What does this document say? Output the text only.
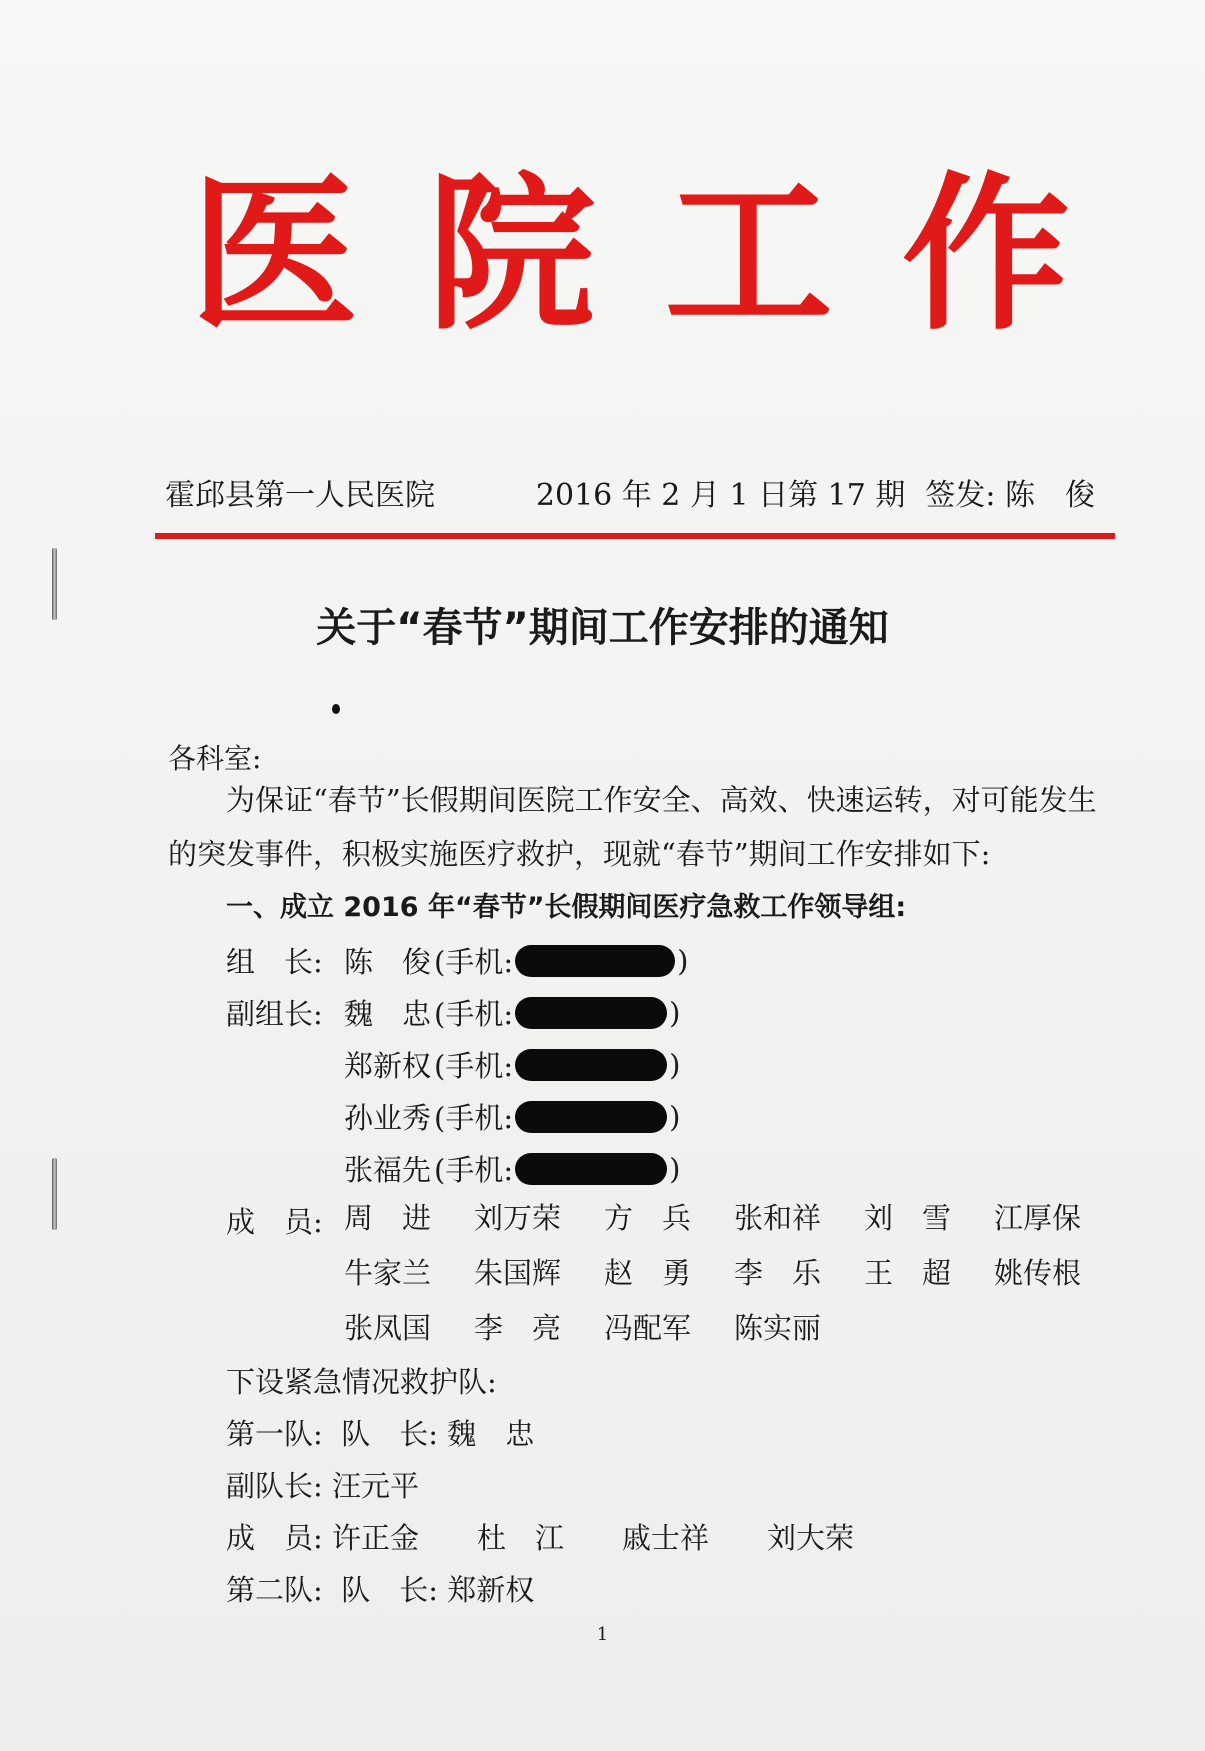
医 院 工 作
霍邱县第一人民医院	2016 年 2 月 1 日第 17 期 签发: 陈　俊
关于“春节”期间工作安排的通知
各科室:
为保证“春节”长假期间医院工作安全、高效、快速运转，对可能发生的突发事件，积极实施医疗救护，现就“春节”期间工作安排如下:
一、成立 2016 年“春节”长假期间医疗急救工作领导组:
组　长: 陈　俊 (手机:	)
副组长: 魏　忠 (手机:	)
郑新权 (手机:	)
孙业秀 (手机:	)
张福先 (手机:	)
成　员: 周　进	刘万荣	方　兵	张和祥	刘　雪	江厚保
牛家兰	朱国辉	赵　勇	李　乐	王　超	姚传根
张凤国	李　亮	冯配军	陈实丽
下设紧急情况救护队:
第一队:  队　长: 魏　忠
副队长: 汪元平
成　员: 许正金　　杜　江　　戚士祥　　刘大荣
第二队:  队　长: 郑新权
1
